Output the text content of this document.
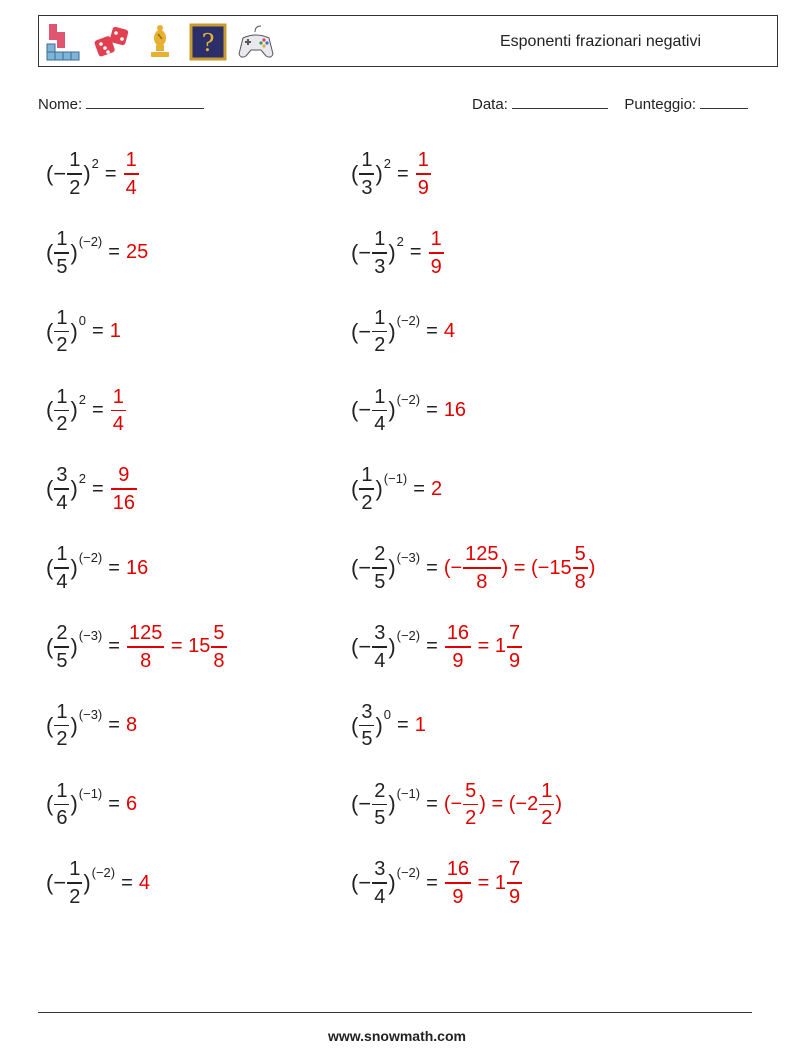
?	Esponenti frazionari negativi
Nome:	Data:	Punteggio:
(− $\frac{1}{2}$ ) $2 = \frac{1}{4}$	( $\frac{1}{3}$ ) $2 = \frac{1}{9}$
( $\frac{1}{5}$ ) (−2) = 25	(− $\frac{1}{3}$ ) $2 = \frac{1}{9}$
( $\frac{1}{2}$ ) 0 = 1	(− $\frac{1}{2}$ ) (−2) = 4
( $\frac{1}{2}$ ) $2 = \frac{1}{4}$	(− $\frac{1}{4}$ ) (−2) = 16
( $\frac{3}{4}$ ) $2 = \frac{9}{16}$	( $\frac{1}{2}$ ) (−1) = 2
( $\frac{1}{4}$ ) (−2) = 16	(− $\frac{2}{5}$ ) (−3) = (− $\frac{125}{8}$ ) = ($-15 \frac{5}{8}$ )
( $\frac{2}{5}$ ) $(-3) = \frac{125}{8} = 15 \frac{5}{8}$	(− $\frac{3}{4}$ ) $(-2) = \frac{16}{9} = 1 \frac{7}{9}$
( $\frac{1}{2}$ ) (−3) = 8	( $\frac{3}{5}$ ) 0 = 1
( $\frac{1}{6}$ ) (−1) = 6	(− $\frac{2}{5}$ ) (−1) = (− $\frac{5}{2}$ ) = ($-2 \frac{1}{2}$ )
(− $\frac{1}{2}$ ) (−2) = 4	(− $\frac{3}{4}$ ) $(-2) = \frac{16}{9} = 1 \frac{7}{9}$
www.snowmath.com
